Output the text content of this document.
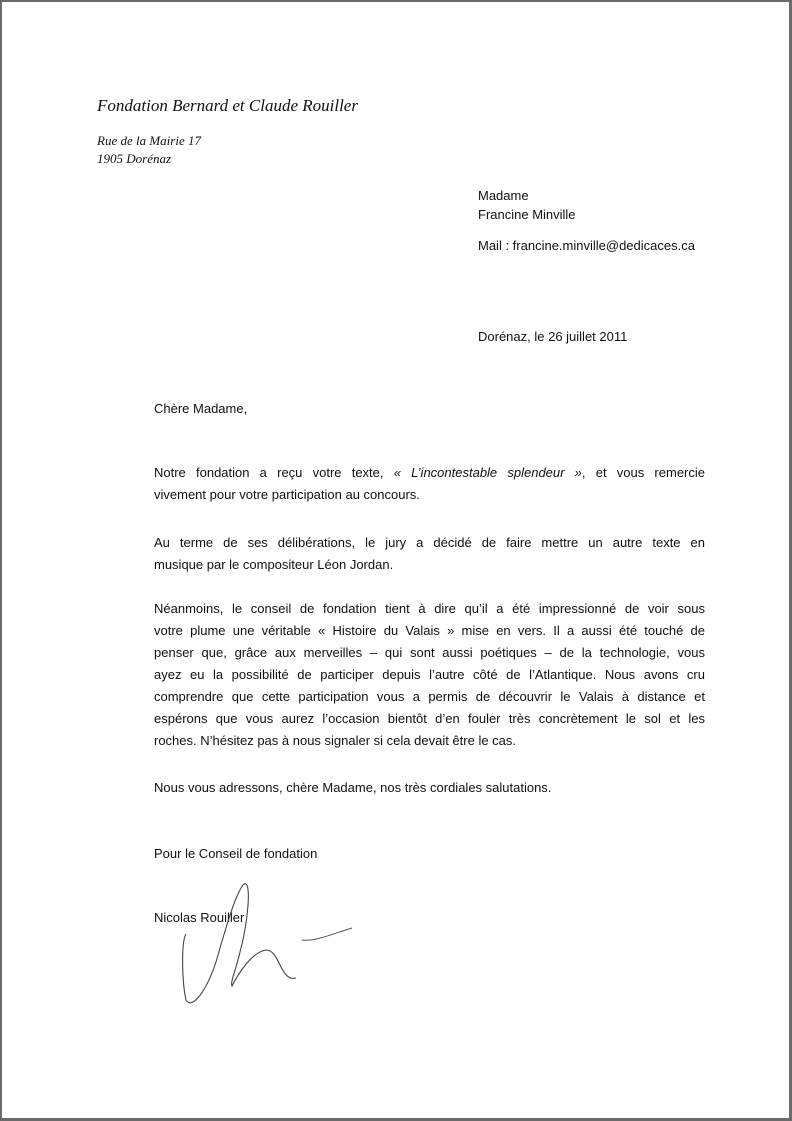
Fondation Bernard et Claude Rouiller
Rue de la Mairie 17
1905 Dorénaz
Madame
Francine Minville
Mail : francine.minville@dedicaces.ca
Dorénaz, le 26 juillet 2011
Chère Madame,
Notre fondation a reçu votre texte, « L’incontestable splendeur », et vous remercie
vivement pour votre participation au concours.
Au terme de ses délibérations, le jury a décidé de faire mettre un autre texte en
musique par le compositeur Léon Jordan.
Néanmoins, le conseil de fondation tient à dire qu’il a été impressionné de voir sous
votre plume une véritable « Histoire du Valais » mise en vers. Il a aussi été touché de
penser que, grâce aux merveilles – qui sont aussi poétiques – de la technologie, vous
ayez eu la possibilité de participer depuis l’autre côté de l’Atlantique. Nous avons cru
comprendre que cette participation vous a permis de découvrir le Valais à distance et
espérons que vous aurez l’occasion bientôt d’en fouler très concrètement le sol et les
roches. N’hésitez pas à nous signaler si cela devait être le cas.
Nous vous adressons, chère Madame, nos très cordiales salutations.
Pour le Conseil de fondation
Nicolas Rouiller
